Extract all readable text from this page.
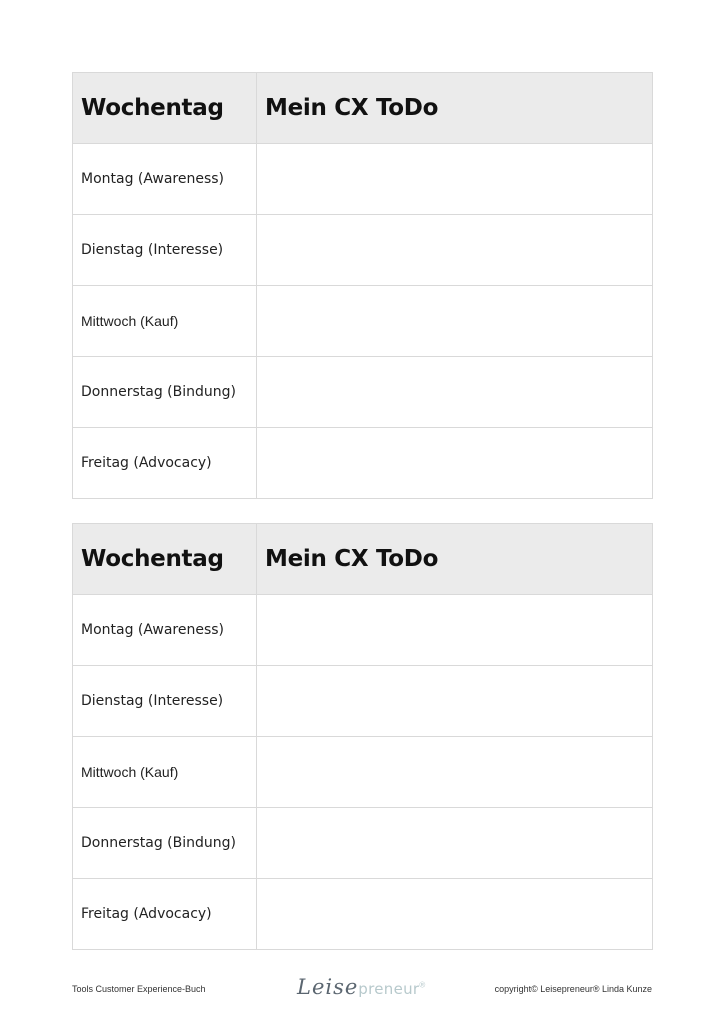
Wochentag	Mein CX ToDo
Montag (Awareness)	
Dienstag (Interesse)	
Mittwoch (Kauf)	
Donnerstag (Bindung)	
Freitag (Advocacy)	
Wochentag	Mein CX ToDo
Montag (Awareness)	
Dienstag (Interesse)	
Mittwoch (Kauf)	
Donnerstag (Bindung)	
Freitag (Advocacy)	
Tools Customer Experience-Buch	Leisepreneur®	copyright© Leisepreneur® Linda Kunze
